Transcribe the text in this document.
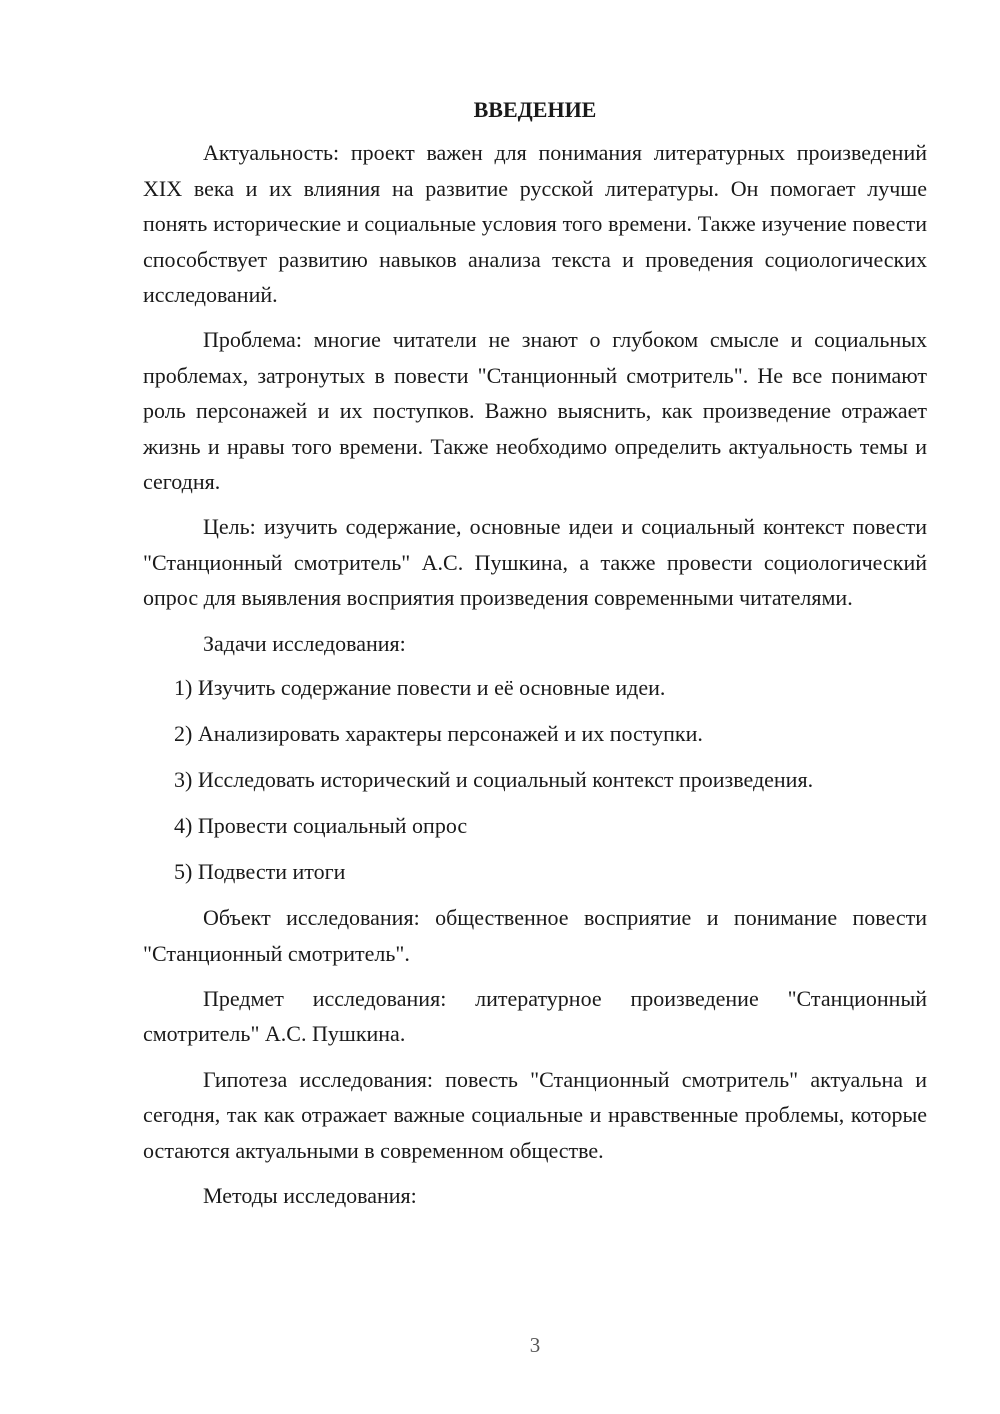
ВВЕДЕНИЕ

Актуальность: проект важен для понимания литературных произведений XIX века и их влияния на развитие русской литературы. Он помогает лучше понять исторические и социальные условия того времени. Также изучение повести способствует развитию навыков анализа текста и проведения социологических исследований.

Проблема: многие читатели не знают о глубоком смысле и социальных проблемах, затронутых в повести "Станционный смотритель". Не все понимают роль персонажей и их поступков. Важно выяснить, как произведение отражает жизнь и нравы того времени. Также необходимо определить актуальность темы и сегодня.

Цель: изучить содержание, основные идеи и социальный контекст повести "Станционный смотритель" А.С. Пушкина, а также провести социологический опрос для выявления восприятия произведения современными читателями.

Задачи исследования:

1) Изучить содержание повести и её основные идеи.
2) Анализировать характеры персонажей и их поступки.
3) Исследовать исторический и социальный контекст произведения.
4) Провести социальный опрос
5) Подвести итоги

Объект исследования: общественное восприятие и понимание повести "Станционный смотритель".

Предмет исследования: литературное произведение "Станционный смотритель" А.С. Пушкина.

Гипотеза исследования: повесть "Станционный смотритель" актуальна и сегодня, так как отражает важные социальные и нравственные проблемы, которые остаются актуальными в современном обществе.

Методы исследования:

3
